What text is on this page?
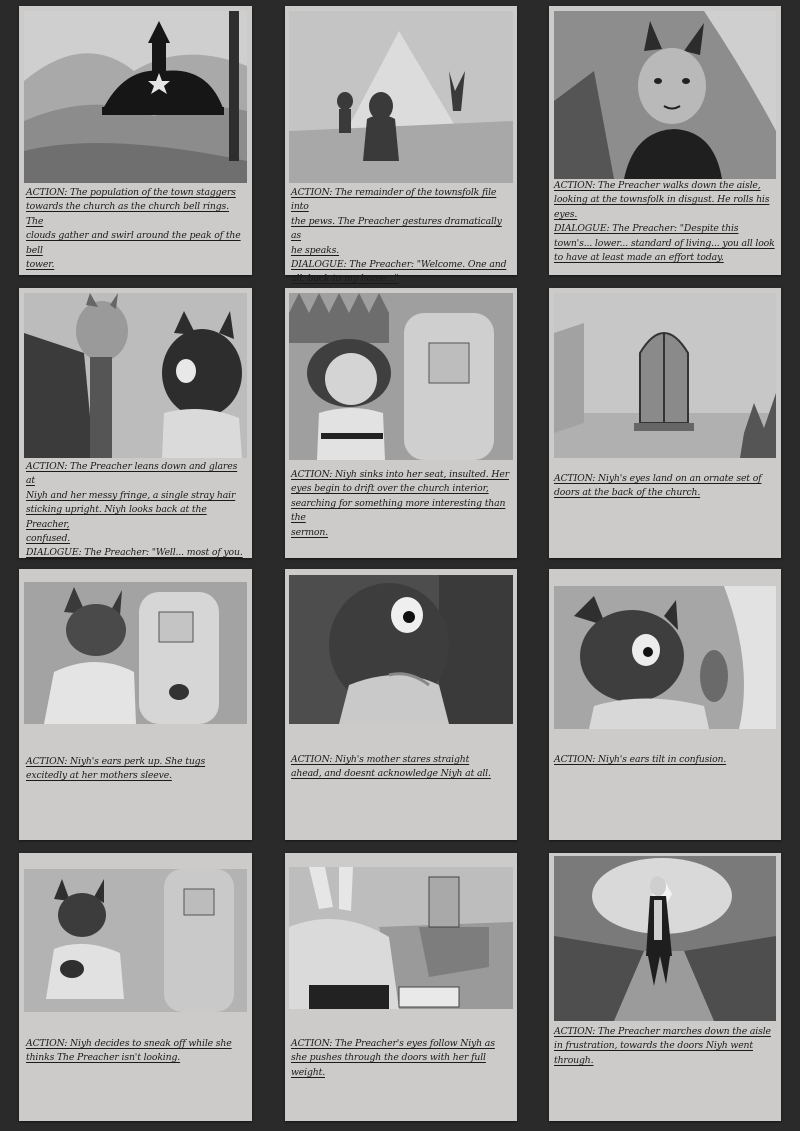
ACTION: The population of the town staggers
towards the church as the church bell rings. The
clouds gather and swirl around the peak of the bell
tower.
ACTION: The remainder of the townsfolk file into
the pews. The Preacher gestures dramatically as
he speaks.
DIALOGUE: The Preacher: "Welcome. One and
all, back to my home..."
ACTION: The Preacher walks down the aisle,
looking at the townsfolk in disgust. He rolls his eyes.
DIALOGUE: The Preacher: "Despite this
town's... lower... standard of living... you all look
to have at least made an effort today.
ACTION: The Preacher leans down and glares at
Niyh and her messy fringe, a single stray hair
sticking upright. Niyh looks back at the Preacher,
confused.
DIALOGUE: The Preacher: "Well... most of you.
ACTION: Niyh sinks into her seat, insulted. Her
eyes begin to drift over the church interior,
searching for something more interesting than the
sermon.
ACTION: Niyh's eyes land on an ornate set of
doors at the back of the church.
ACTION: Niyh's ears perk up. She tugs
excitedly at her mothers sleeve.
ACTION: Niyh's mother stares straight
ahead, and doesnt acknowledge Niyh at all.
ACTION: Niyh's ears tilt in confusion.
ACTION: Niyh decides to sneak off while she
thinks The Preacher isn't looking.
ACTION: The Preacher's eyes follow Niyh as
she pushes through the doors with her full weight.
ACTION: The Preacher marches down the aisle
in frustration, towards the doors Niyh went
through.
